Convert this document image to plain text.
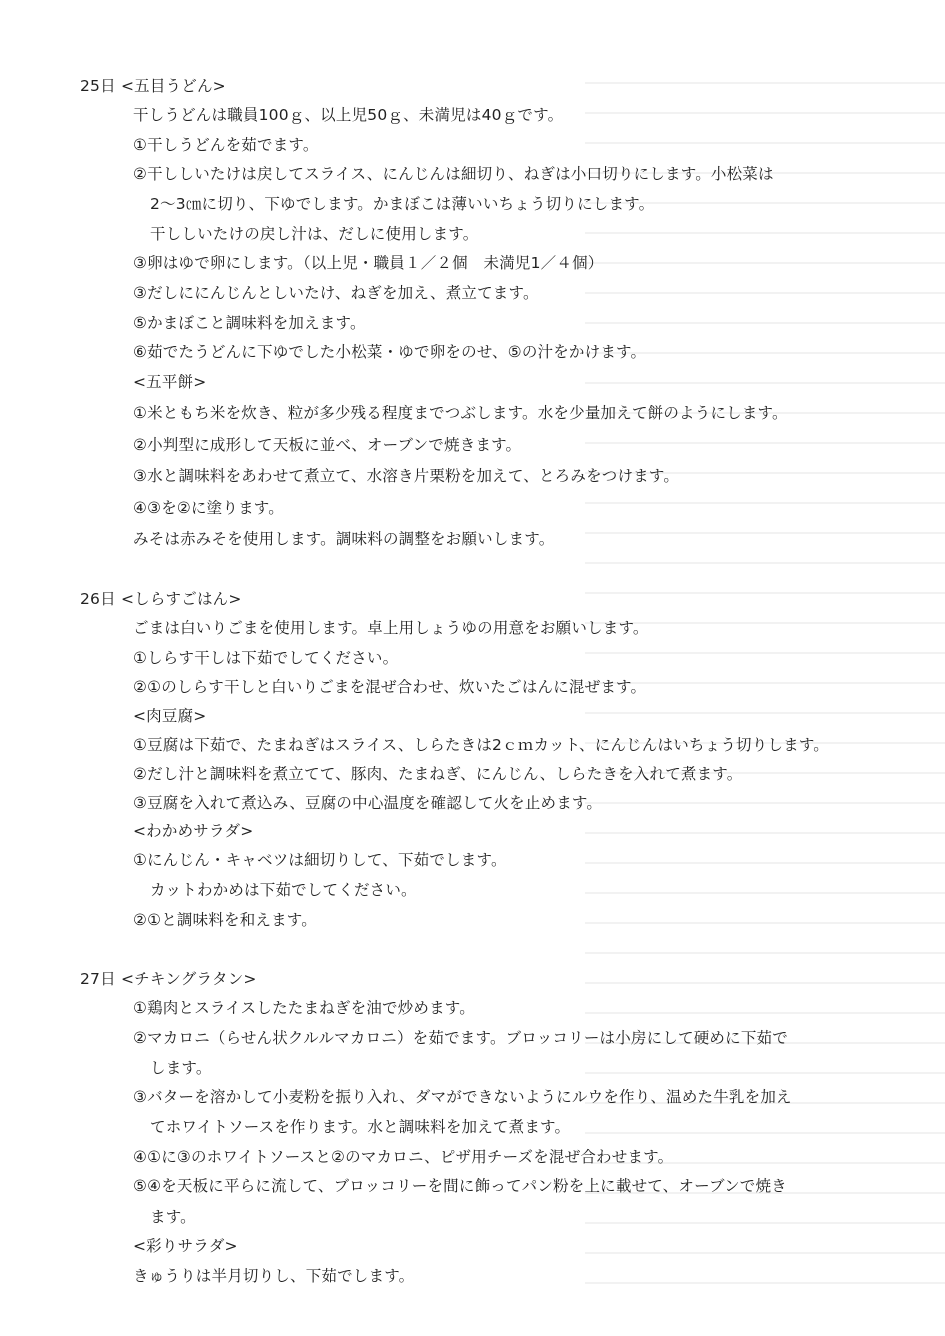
25日 <五目うどん>
干しうどんは職員100ｇ、以上児50ｇ、未満児は40ｇです。
①干しうどんを茹でます。
②干ししいたけは戻してスライス、にんじんは細切り、ねぎは小口切りにします。小松菜は
2～3㎝に切り、下ゆでします。かまぼこは薄いいちょう切りにします。
干ししいたけの戻し汁は、だしに使用します。
③卵はゆで卵にします。（以上児・職員１／２個　未満児1／４個）
③だしににんじんとしいたけ、ねぎを加え、煮立てます。
⑤かまぼこと調味料を加えます。
⑥茹でたうどんに下ゆでした小松菜・ゆで卵をのせ、⑤の汁をかけます。
<五平餅>
①米ともち米を炊き、粒が多少残る程度までつぶします。水を少量加えて餅のようにします。
②小判型に成形して天板に並べ、オーブンで焼きます。
③水と調味料をあわせて煮立て、水溶き片栗粉を加えて、とろみをつけます。
④③を②に塗ります。
みそは赤みそを使用します。調味料の調整をお願いします。
26日 <しらすごはん>
ごまは白いりごまを使用します。卓上用しょうゆの用意をお願いします。
①しらす干しは下茹でしてください。
②①のしらす干しと白いりごまを混ぜ合わせ、炊いたごはんに混ぜます。
<肉豆腐>
①豆腐は下茹で、たまねぎはスライス、しらたきは2ｃｍカット、にんじんはいちょう切りします。
②だし汁と調味料を煮立てて、豚肉、たまねぎ、にんじん、しらたきを入れて煮ます。
③豆腐を入れて煮込み、豆腐の中心温度を確認して火を止めます。
<わかめサラダ>
①にんじん・キャベツは細切りして、下茹でします。
カットわかめは下茹でしてください。
②①と調味料を和えます。
27日 <チキングラタン>
①鶏肉とスライスしたたまねぎを油で炒めます。
②マカロニ（らせん状クルルマカロニ）を茹でます。ブロッコリーは小房にして硬めに下茹で
します。
③バターを溶かして小麦粉を振り入れ、ダマができないようにルウを作り、温めた牛乳を加え
てホワイトソースを作ります。水と調味料を加えて煮ます。
④①に③のホワイトソースと②のマカロニ、ピザ用チーズを混ぜ合わせます。
⑤④を天板に平らに流して、ブロッコリーを間に飾ってパン粉を上に載せて、オーブンで焼き
ます。
<彩りサラダ>
きゅうりは半月切りし、下茹でします。
